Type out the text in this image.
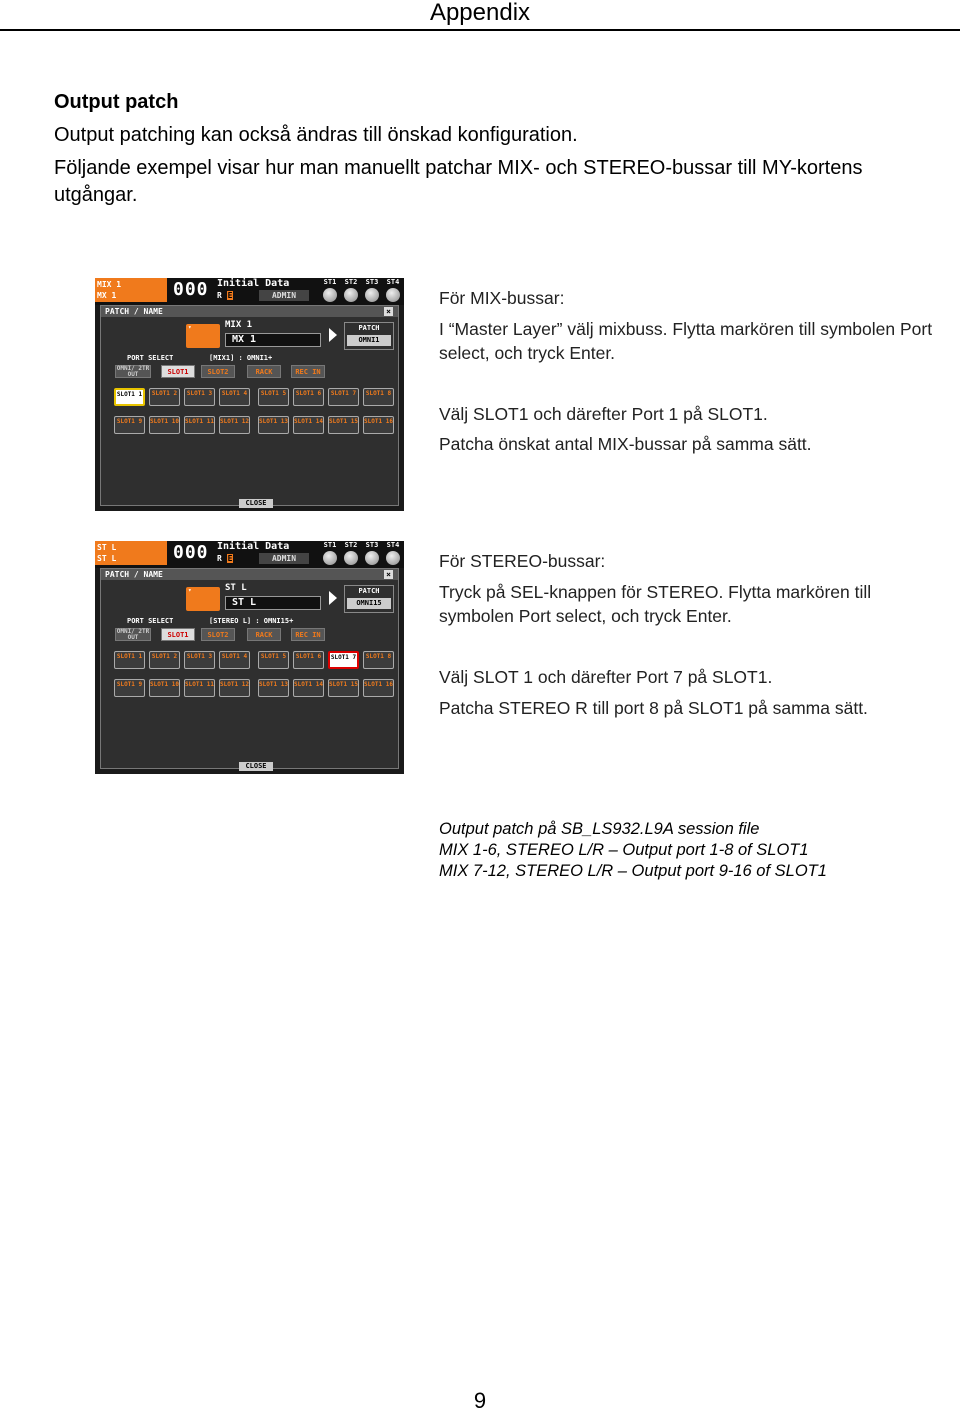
Appendix
Output patch
Output patching kan också ändras till önskad konfiguration.
Följande exempel visar hur man manuellt patchar MIX- och STEREO-bussar till MY-kortens utgångar.
MIX 1
MX 1	000 Initial Data
R E	ADMIN
ST1	ST2	ST3	ST4
PATCH / NAME	×
▾
MIX 1
MX 1
PATCH
OMNI1
PORT SELECT	[MIX1] : OMNI1+
OMNI/ 2TR OUT	SLOT1	SLOT2	RACK	REC IN
SLOT1 1	SLOT1 2	SLOT1 3	SLOT1 4	SLOT1 5	SLOT1 6	SLOT1 7	SLOT1 8
SLOT1 9	SLOT1 10 SLOT1 11 SLOT1 12 SLOT1 13 SLOT1 14 SLOT1 15 SLOT1 16
CLOSE
För MIX-bussar:
I “Master Layer” välj mixbuss. Flytta markören till symbolen Port select, och tryck Enter.
Välj SLOT1 och därefter Port 1 på SLOT1.
Patcha önskat antal MIX-bussar på samma sätt.
ST L
ST L	000 Initial Data
R E	ADMIN
ST1	ST2	ST3	ST4
PATCH / NAME	×
▾
ST L
ST L
PATCH
OMNI15
PORT SELECT	[STEREO L] : OMNI15+
OMNI/ 2TR OUT	SLOT1	SLOT2	RACK	REC IN
SLOT1 1	SLOT1 2	SLOT1 3	SLOT1 4	SLOT1 5	SLOT1 6	SLOT1 7	SLOT1 8
SLOT1 9	SLOT1 10 SLOT1 11 SLOT1 12 SLOT1 13 SLOT1 14 SLOT1 15 SLOT1 16
CLOSE
För STEREO-bussar:
Tryck på SEL-knappen för STEREO. Flytta markören till symbolen Port select, och tryck Enter.
Välj SLOT 1 och därefter Port 7 på SLOT1.
Patcha STEREO R till port 8 på SLOT1 på samma sätt.
Output patch på SB_LS932.L9A session file
MIX 1-6, STEREO L/R – Output port 1-8 of SLOT1
MIX 7-12, STEREO L/R – Output port 9-16 of SLOT1
9
